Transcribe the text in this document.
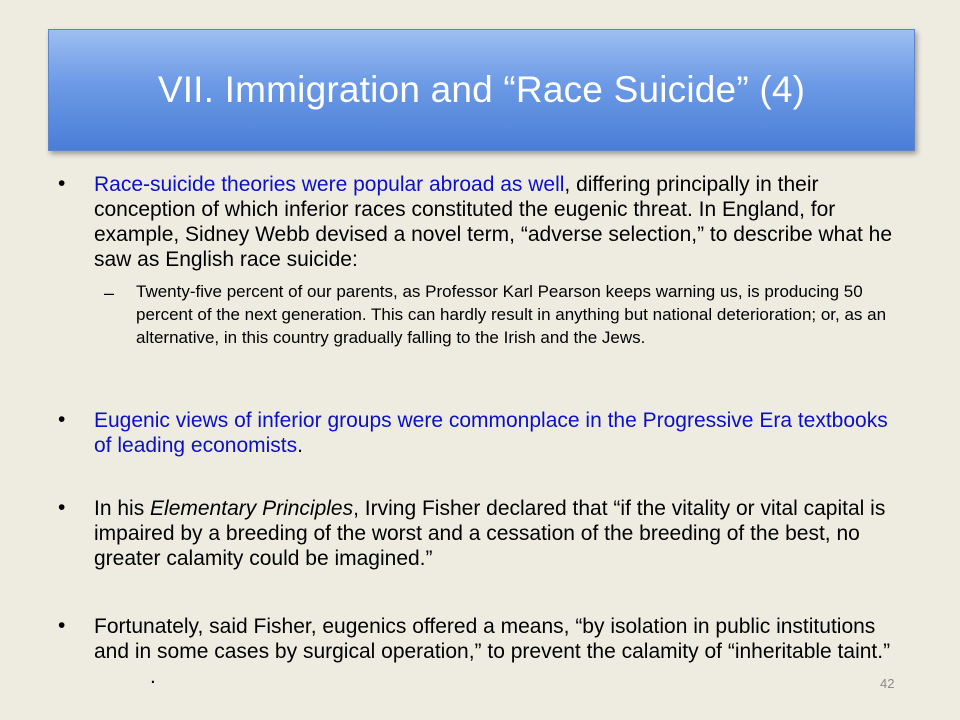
VII. Immigration and “Race Suicide” (4)
• Race-suicide theories were popular abroad as well, differing principally in their conception of which inferior races constituted the eugenic threat. In England, for example, Sidney Webb devised a novel term, “adverse selection,” to describe what he saw as English race suicide:
– Twenty-five percent of our parents, as Professor Karl Pearson keeps warning us, is producing 50 percent of the next generation. This can hardly result in anything but national deterioration; or, as an alternative, in this country gradually falling to the Irish and the Jews.
• Eugenic views of inferior groups were commonplace in the Progressive Era textbooks of leading economists.
• In his Elementary Principles, Irving Fisher declared that “if the vitality or vital capital is impaired by a breeding of the worst and a cessation of the breeding of the best, no greater calamity could be imagined.”
• Fortunately, said Fisher, eugenics offered a means, “by isolation in public institutions and in some cases by surgical operation,” to prevent the calamity of “inheritable taint.”.	42
